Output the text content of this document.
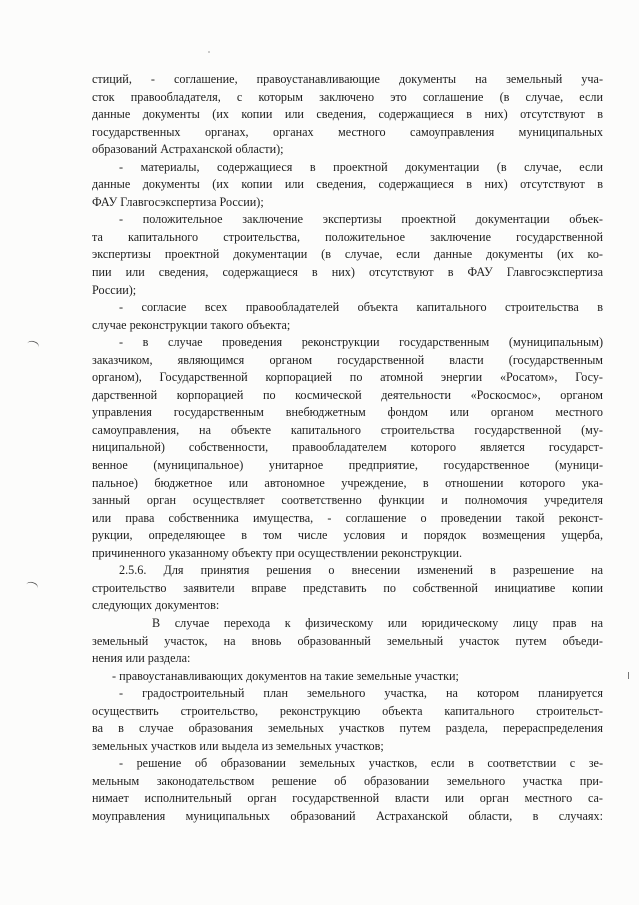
стиций, - соглашение, правоустанавливающие документы на земельный уча-
сток правообладателя, с которым заключено это соглашение (в случае, если
данные документы (их копии или сведения, содержащиеся в них) отсутствуют в
государственных органах, органах местного самоуправления муниципальных
образований Астраханской области);
- материалы, содержащиеся в проектной документации (в случае, если
данные документы (их копии или сведения, содержащиеся в них) отсутствуют в
ФАУ Главгосэкспертиза России);
- положительное заключение экспертизы проектной документации объек-
та капитального строительства, положительное заключение государственной
экспертизы проектной документации (в случае, если данные документы (их ко-
пии или сведения, содержащиеся в них) отсутствуют в ФАУ Главгосэкспертиза
России);
- согласие всех правообладателей объекта капитального строительства в
случае реконструкции такого объекта;
- в случае проведения реконструкции государственным (муниципальным)
заказчиком, являющимся органом государственной власти (государственным
органом), Государственной корпорацией по атомной энергии «Росатом», Госу-
дарственной корпорацией по космической деятельности «Роскосмос», органом
управления государственным внебюджетным фондом или органом местного
самоуправления, на объекте капитального строительства государственной (му-
ниципальной) собственности, правообладателем которого является государст-
венное (муниципальное) унитарное предприятие, государственное (муници-
пальное) бюджетное или автономное учреждение, в отношении которого ука-
занный орган осуществляет соответственно функции и полномочия учредителя
или права собственника имущества, - соглашение о проведении такой реконст-
рукции, определяющее в том числе условия и порядок возмещения ущерба,
причиненного указанному объекту при осуществлении реконструкции.
2.5.6. Для принятия решения о внесении изменений в разрешение на
строительство заявители вправе представить по собственной инициативе копии
следующих документов:
В случае перехода к физическому или юридическому лицу прав на
земельный участок, на вновь образованный земельный участок путем объеди-
нения или раздела:
- правоустанавливающих документов на такие земельные участки;
- градостроительный план земельного участка, на котором планируется
осуществить строительство, реконструкцию объекта капитального строительст-
ва в случае образования земельных участков путем раздела, перераспределения
земельных участков или выдела из земельных участков;
- решение об образовании земельных участков, если в соответствии с зе-
мельным законодательством решение об образовании земельного участка при-
нимает исполнительный орган государственной власти или орган местного са-
моуправления муниципальных образований Астраханской области, в случаях:
